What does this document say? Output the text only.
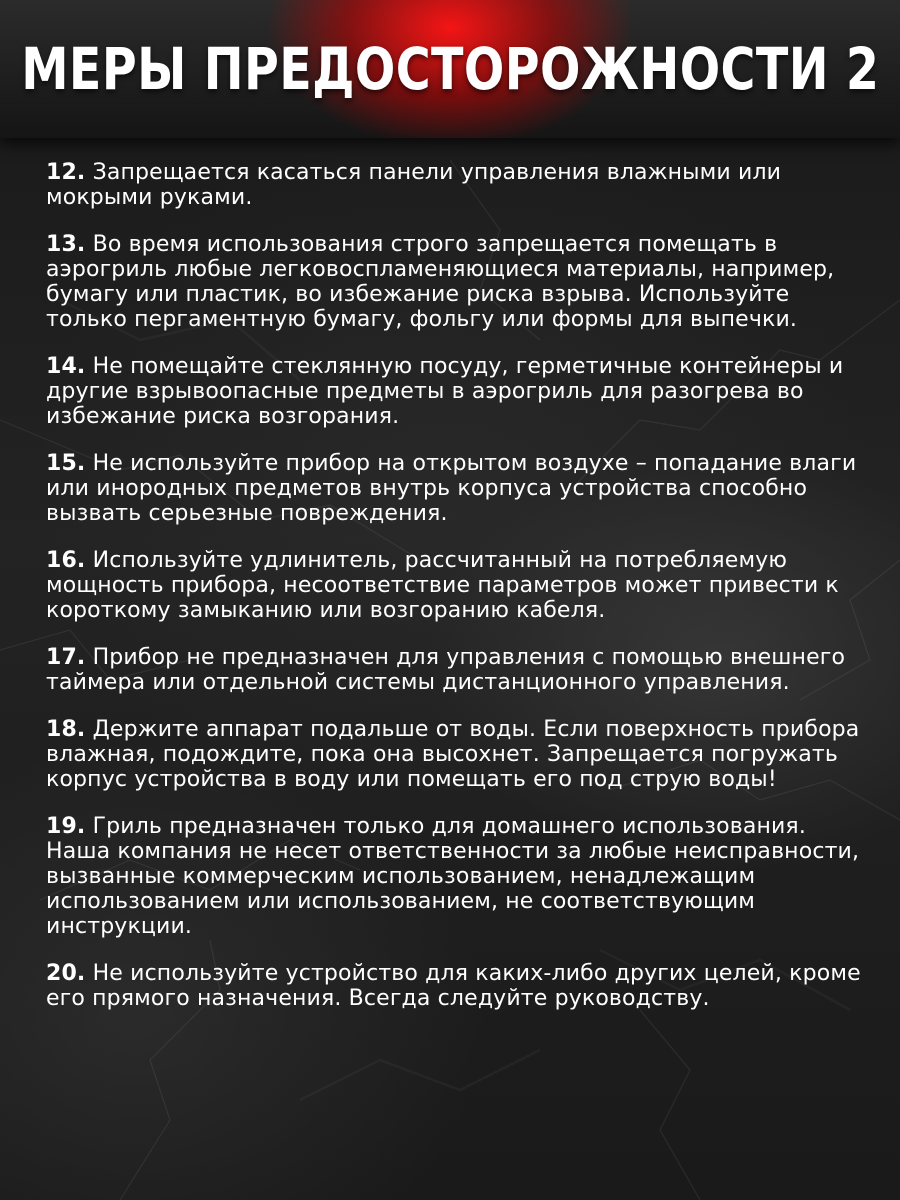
МЕРЫ ПРЕДОСТОРОЖНОСТИ 2

12. Запрещается касаться панели управления влажными или мокрыми руками.

13. Во время использования строго запрещается помещать в аэрогриль любые легковоспламеняющиеся материалы, например, бумагу или пластик, во избежание риска взрыва. Используйте только пергаментную бумагу, фольгу или формы для выпечки.

14. Не помещайте стеклянную посуду, герметичные контейнеры и другие взрывоопасные предметы в аэрогриль для разогрева во избежание риска возгорания.

15. Не используйте прибор на открытом воздухе – попадание влаги или инородных предметов внутрь корпуса устройства способно вызвать серьезные повреждения.

16. Используйте удлинитель, рассчитанный на потребляемую мощность прибора, несоответствие параметров может привести к короткому замыканию или возгоранию кабеля.

17. Прибор не предназначен для управления с помощью внешнего таймера или отдельной системы дистанционного управления.

18. Держите аппарат подальше от воды. Если поверхность прибора влажная, подождите, пока она высохнет. Запрещается погружать корпус устройства в воду или помещать его под струю воды!

19. Гриль предназначен только для домашнего использования. Наша компания не несет ответственности за любые неисправности, вызванные коммерческим использованием, ненадлежащим использованием или использованием, не соответствующим инструкции.

20. Не используйте устройство для каких-либо других целей, кроме его прямого назначения. Всегда следуйте руководству.
